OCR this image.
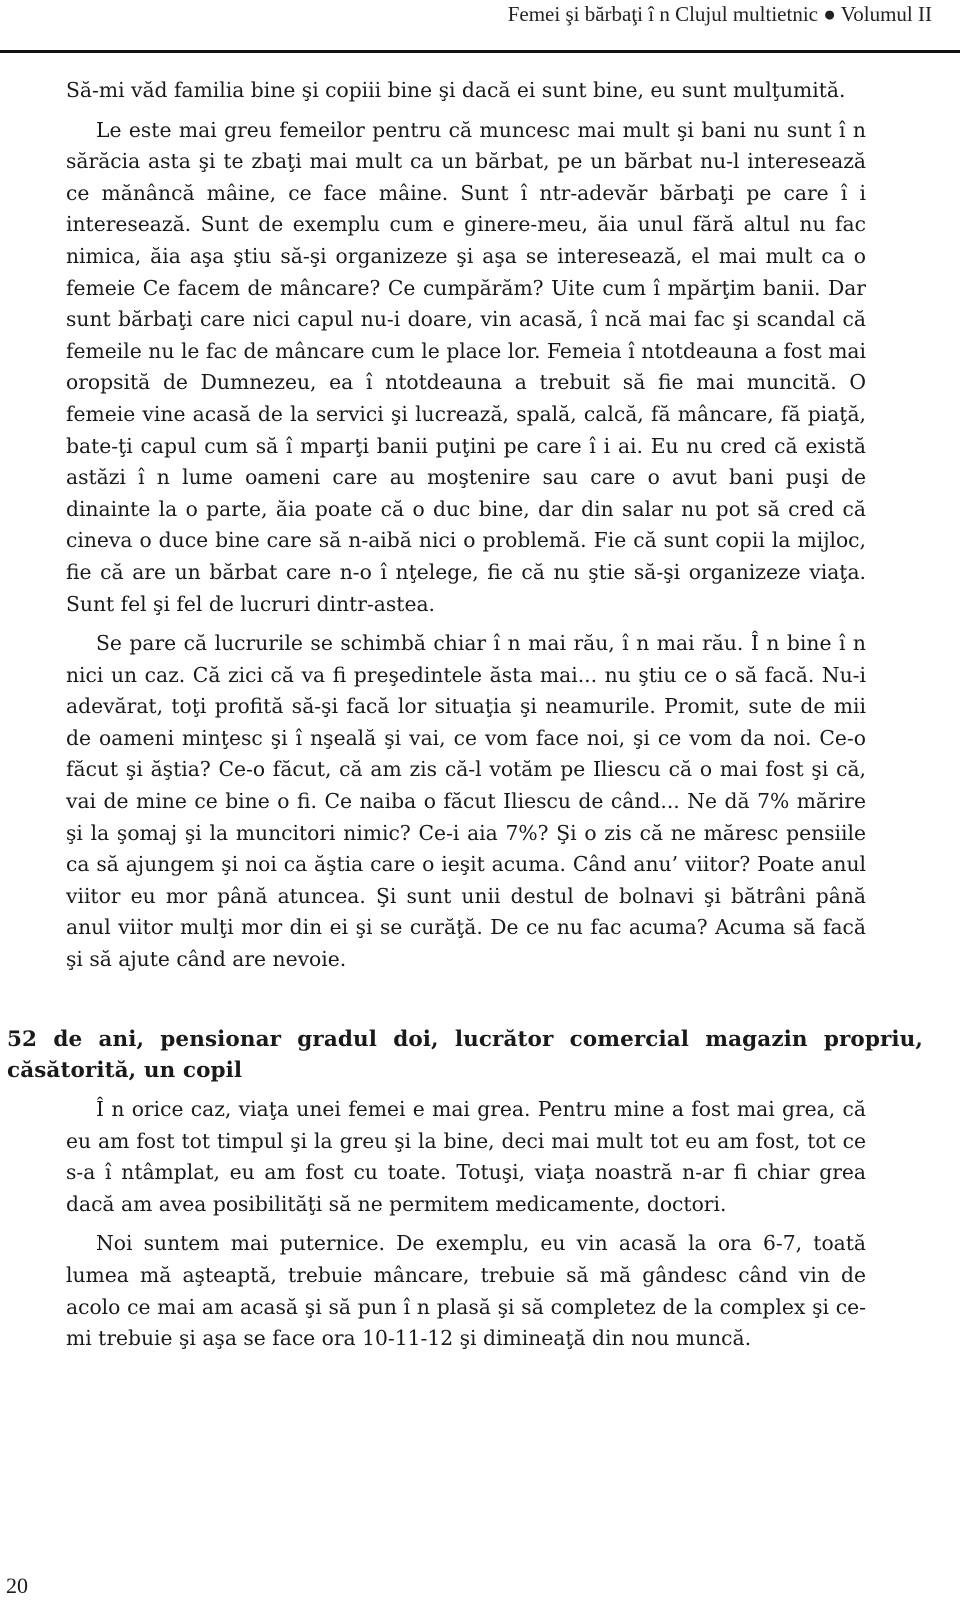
Femei şi bărbaţi î n Clujul multietnic ● Volumul II

Să-mi văd familia bine şi copiii bine şi dacă ei sunt bine, eu sunt mulţumită.

Le este mai greu femeilor pentru că muncesc mai mult şi bani nu sunt î n sărăcia asta şi te zbaţi mai mult ca un bărbat, pe un bărbat nu-l interesează ce mănâncă mâine, ce face mâine. Sunt î ntr-adevăr bărbaţi pe care î i interesează. Sunt de exemplu cum e ginere-meu, ăia unul fără altul nu fac nimica, ăia aşa ştiu să-şi organizeze şi aşa se interesează, el mai mult ca o femeie Ce facem de mâncare? Ce cumpărăm? Uite cum î mpărţim banii. Dar sunt bărbaţi care nici capul nu-i doare, vin acasă, î ncă mai fac şi scandal că femeile nu le fac de mâncare cum le place lor. Femeia î ntotdeauna a fost mai oropsită de Dumnezeu, ea î ntotdeauna a trebuit să fie mai muncită. O femeie vine acasă de la servici şi lucrează, spală, calcă, fă mâncare, fă piaţă, bate-ţi capul cum să î mparţi banii puţini pe care î i ai. Eu nu cred că există astăzi î n lume oameni care au moştenire sau care o avut bani puşi de dinainte la o parte, ăia poate că o duc bine, dar din salar nu pot să cred că cineva o duce bine care să n-aibă nici o problemă. Fie că sunt copii la mijloc, fie că are un bărbat care n-o î nţelege, fie că nu ştie să-şi organizeze viaţa. Sunt fel şi fel de lucruri dintr-astea.

Se pare că lucrurile se schimbă chiar î n mai rău, î n mai rău. Î n bine î n nici un caz. Că zici că va fi preşedintele ăsta mai... nu ştiu ce o să facă. Nu-i adevărat, toţi profită să-şi facă lor situaţia şi neamurile. Promit, sute de mii de oameni minţesc şi î nşeală şi vai, ce vom face noi, şi ce vom da noi. Ce-o făcut şi ăştia? Ce-o făcut, că am zis că-l votăm pe Iliescu că o mai fost şi că, vai de mine ce bine o fi. Ce naiba o făcut Iliescu de când... Ne dă 7% mărire şi la şomaj şi la muncitori nimic? Ce-i aia 7%? Şi o zis că ne măresc pensiile ca să ajungem şi noi ca ăştia care o ieşit acuma. Când anu’ viitor? Poate anul viitor eu mor până atuncea. Şi sunt unii destul de bolnavi şi bătrâni până anul viitor mulţi mor din ei şi se curăţă. De ce nu fac acuma? Acuma să facă şi să ajute când are nevoie.

52 de ani, pensionar gradul doi, lucrător comercial magazin propriu, căsătorită, un copil

Î n orice caz, viaţa unei femei e mai grea. Pentru mine a fost mai grea, că eu am fost tot timpul şi la greu şi la bine, deci mai mult tot eu am fost, tot ce s-a î ntâmplat, eu am fost cu toate. Totuşi, viaţa noastră n-ar fi chiar grea dacă am avea posibilităţi să ne permitem medicamente, doctori.

Noi suntem mai puternice. De exemplu, eu vin acasă la ora 6-7, toată lumea mă aşteaptă, trebuie mâncare, trebuie să mă gândesc când vin de acolo ce mai am acasă şi să pun î n plasă şi să completez de la complex şi ce-mi trebuie şi aşa se face ora 10-11-12 şi dimineaţă din nou muncă.

20
